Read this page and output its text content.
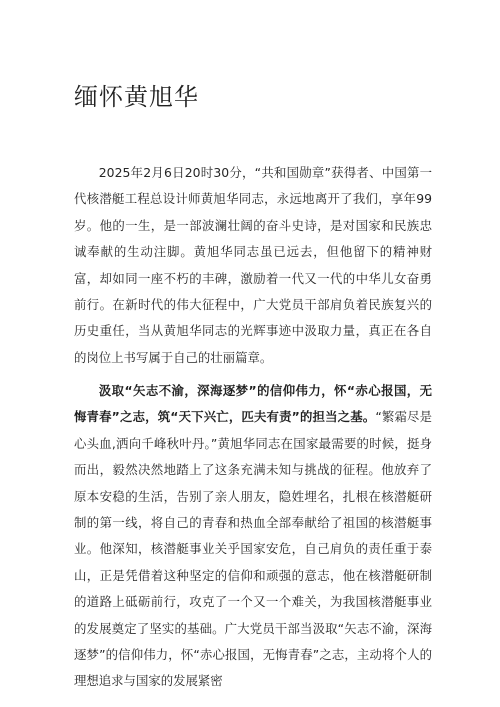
缅怀黄旭华

2025年2月6日20时30分，“共和国勋章”获得者、中国第一代核潜艇工程总设计师黄旭华同志，永远地离开了我们，享年99岁。他的一生，是一部波澜壮阔的奋斗史诗，是对国家和民族忠诚奉献的生动注脚。黄旭华同志虽已远去，但他留下的精神财富，却如同一座不朽的丰碑，激励着一代又一代的中华儿女奋勇前行。在新时代的伟大征程中，广大党员干部肩负着民族复兴的历史重任，当从黄旭华同志的光辉事迹中汲取力量，真正在各自的岗位上书写属于自己的壮丽篇章。

汲取“矢志不渝，深海逐梦”的信仰伟力，怀“赤心报国，无悔青春”之志，筑“天下兴亡，匹夫有责”的担当之基。“繁霜尽是心头血,洒向千峰秋叶丹。”黄旭华同志在国家最需要的时候，挺身而出，毅然决然地踏上了这条充满未知与挑战的征程。他放弃了原本安稳的生活，告别了亲人朋友，隐姓埋名，扎根在核潜艇研制的第一线，将自己的青春和热血全部奉献给了祖国的核潜艇事业。他深知，核潜艇事业关乎国家安危，自己肩负的责任重于泰山，正是凭借着这种坚定的信仰和顽强的意志，他在核潜艇研制的道路上砥砺前行，攻克了一个又一个难关，为我国核潜艇事业的发展奠定了坚实的基础。广大党员干部当汲取“矢志不渝，深海逐梦”的信仰伟力，怀“赤心报国，无悔青春”之志，主动将个人的理想追求与国家的发展紧密
